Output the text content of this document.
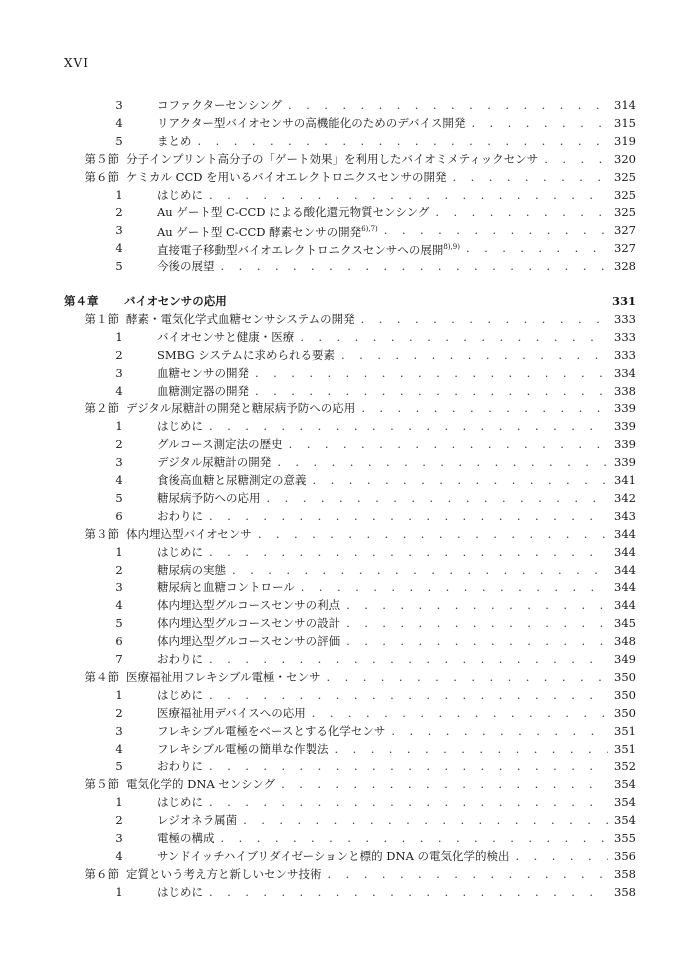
XVI
3	コファクターセンシング . . .	314
4	リアクター型バイオセンサの高機能化のためのデバイス開発 . . .	315
5	まとめ . . .	319
第５節 分子インプリント高分子の「ゲート効果」を利用したバイオミメティックセンサ . . .	320
第６節 ケミカル CCD を用いるバイオエレクトロニクスセンサの開発 . . .	325
1	はじめに . . .	325
2	Au ゲート型 C-CCD による酸化還元物質センシング . . .	325
3	Au ゲート型 C-CCD 酵素センサの開発$^{6),7)}$ . . .	327
4	直接電子移動型バイオエレクトロニクスセンサへの展開$^{8),9)}$ . . .	327
5	今後の展望 . . .	328
第４章 バイオセンサの応用	331
第１節 酵素・電気化学式血糖センサシステムの開発 . . .	333
1	バイオセンサと健康・医療 . . .	333
2	SMBG システムに求められる要素 . . .	333
3	血糖センサの開発 . . .	334
4	血糖測定器の開発 . . .	338
第２節 デジタル尿糖計の開発と糖尿病予防への応用 . . .	339
1	はじめに . . .	339
2	グルコース測定法の歴史 . . .	339
3	デジタル尿糖計の開発 . . .	339
4	食後高血糖と尿糖測定の意義 . . .	341
5	糖尿病予防への応用 . . .	342
6	おわりに . . .	343
第３節 体内埋込型バイオセンサ . . .	344
1	はじめに . . .	344
2	糖尿病の実態 . . .	344
3	糖尿病と血糖コントロール . . .	344
4	体内埋込型グルコースセンサの利点 . . .	344
5	体内埋込型グルコースセンサの設計 . . .	345
6	体内埋込型グルコースセンサの評価 . . .	348
7	おわりに . . .	349
第４節 医療福祉用フレキシブル電極・センサ . . .	350
1	はじめに . . .	350
2	医療福祉用デバイスへの応用 . . .	350
3	フレキシブル電極をベースとする化学センサ . . .	351
4	フレキシブル電極の簡単な作製法 . . .	351
5	おわりに . . .	352
第５節 電気化学的 DNA センシング . . .	354
1	はじめに . . .	354
2	レジオネラ属菌 . . .	354
3	電極の構成 . . .	355
4	サンドイッチハイブリダイゼーションと標的 DNA の電気化学的検出 . . .	356
第６節 定質という考え方と新しいセンサ技術 . . .	358
1	はじめに . . .	358
